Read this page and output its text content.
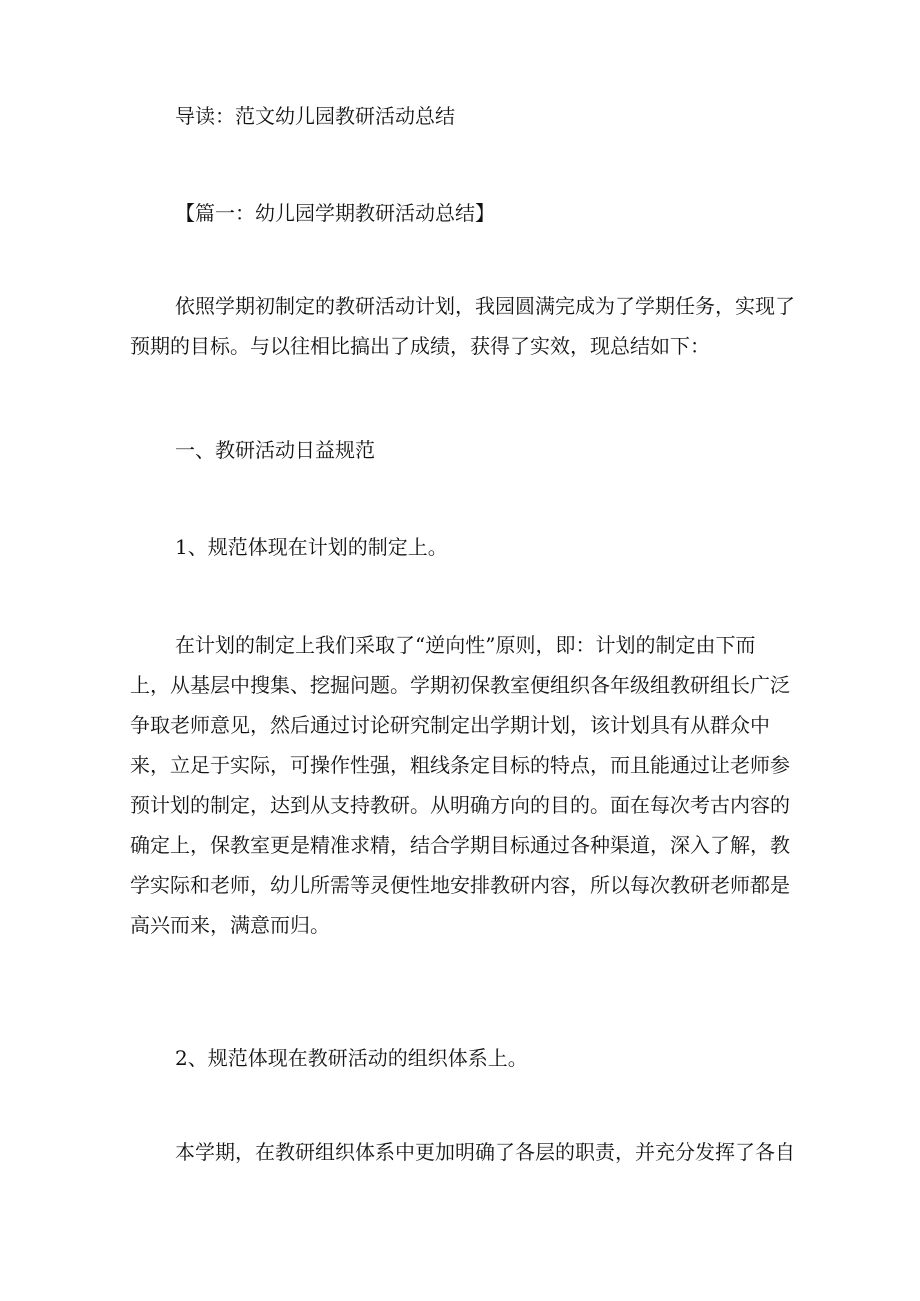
导读：范文幼儿园教研活动总结

【篇一：幼儿园学期教研活动总结】

依照学期初制定的教研活动计划，我园圆满完成为了学期任务，实现了
预期的目标。与以往相比搞出了成绩，获得了实效，现总结如下：

一、教研活动日益规范

1、规范体现在计划的制定上。

在计划的制定上我们采取了“逆向性”原则，即：计划的制定由下而
上，从基层中搜集、挖掘问题。学期初保教室便组织各年级组教研组长广泛
争取老师意见，然后通过讨论研究制定出学期计划，该计划具有从群众中
来，立足于实际，可操作性强，粗线条定目标的特点，而且能通过让老师参
预计划的制定，达到从支持教研。从明确方向的目的。面在每次考古内容的
确定上，保教室更是精准求精，结合学期目标通过各种渠道，深入了解，教
学实际和老师，幼儿所需等灵便性地安排教研内容，所以每次教研老师都是
高兴而来，满意而归。

2、规范体现在教研活动的组织体系上。

本学期，在教研组织体系中更加明确了各层的职责，并充分发挥了各自
